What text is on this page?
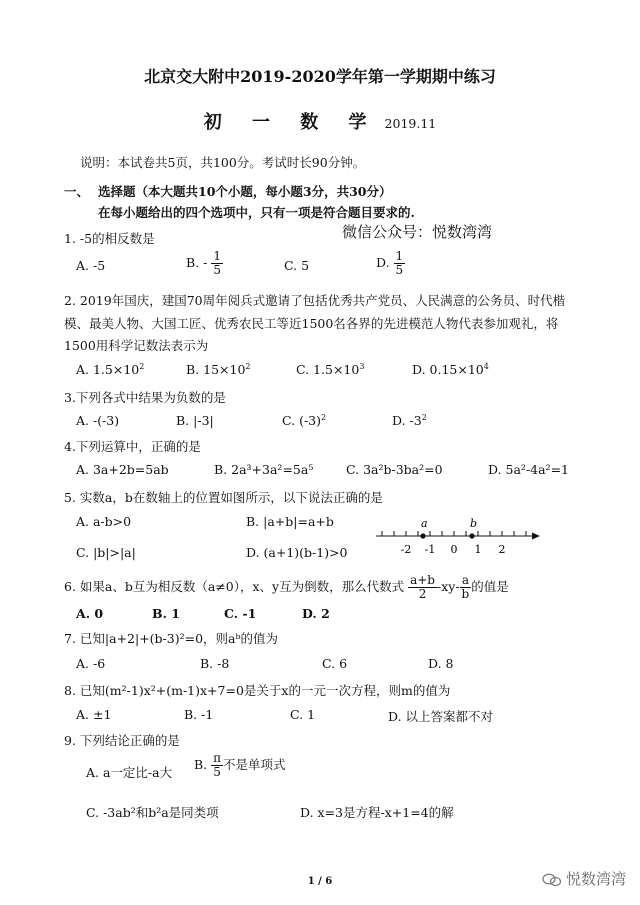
北京交大附中2019-2020学年第一学期期中练习
初 一 数 学 2019.11
说明：本试卷共5页，共100分。考试时长90分钟。
一、 选择题（本大题共10个小题，每小题3分，共30分）
在每小题给出的四个选项中，只有一项是符合题目要求的.
1. -5的相反数是	微信公众号：悦数湾湾
A. -5	B. - $\frac{1}{5}$	C. 5	D. $\frac{1}{5}$
2. 2019年国庆，建国70周年阅兵式邀请了包括优秀共产党员、人民满意的公务员、时代楷
模、最美人物、大国工匠、优秀农民工等近1500名各界的先进模范人物代表参加观礼，将
1500用科学记数法表示为
A. $1.5\times 10^2$	B. $15\times 10^2$	C. $1.5\times 10^3$	D. $0.15\times 10^4$
3.下列各式中结果为负数的是
A. -(-3)	B. |-3|	C. $(-3)^2$	D. $-3^2$
4.下列运算中，正确的是
A. 3a+2b=5ab	B. 2a³+3a²=5a⁵	C. 3a²b-3ba²=0	D. 5a²-4a²=1
5. 实数a，b在数轴上的位置如图所示，以下说法正确的是
A. a-b>0	B. |a+b|=a+b
C. |b|>|a|	D. (a+1)(b-1)>0
a	b
-2 -1 0 1 2
6. 如果a、b互为相反数（a≠0），x、y互为倒数，那么代数式 $\frac{a+b}{2} -xy- \frac{a}{b}$ 的值是
A. 0	B. 1	C. -1	D. 2
7. 已知|a+2|+(b-3)²=0，则aᵇ的值为
A. -6	B. -8	C. 6	D. 8
8. 已知(m²-1)x²+(m-1)x+7=0是关于x的一元一次方程，则m的值为
A. ±1	B. -1	C. 1	D. 以上答案都不对
9. 下列结论正确的是
A. a一定比-a大
B. $\frac{\pi}{5}$ 不是单项式
C. -3ab²和b²a是同类项	D. x=3是方程-x+1=4的解
1 / 6	悦数湾湾
